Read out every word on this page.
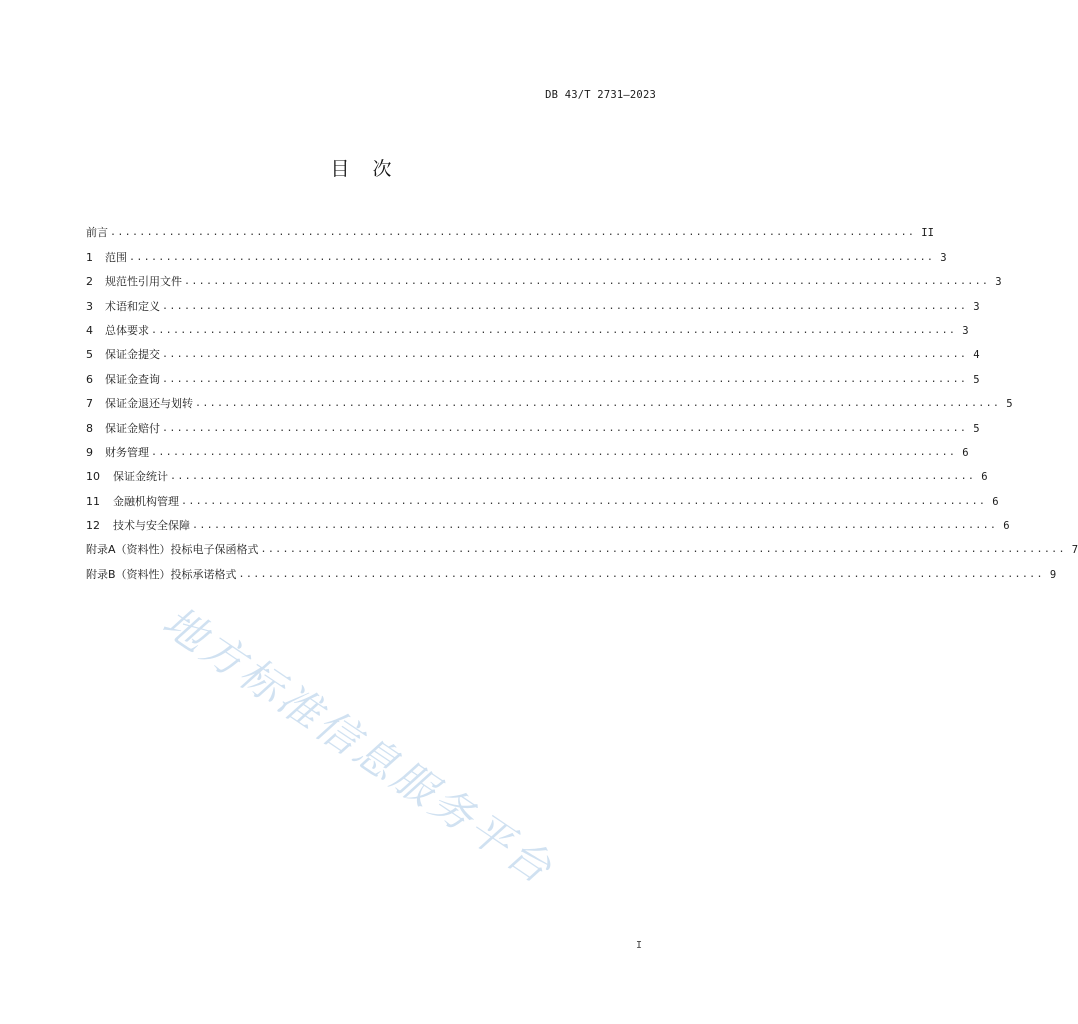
DB 43/T 2731—2023
目　次
前言 .............................................................................................................. II
1	范围 .............................................................................................................. 3
2	规范性引用文件 .............................................................................................................. 3
3	术语和定义 .............................................................................................................. 3
4	总体要求 .............................................................................................................. 3
5	保证金提交 .............................................................................................................. 4
6	保证金查询 .............................................................................................................. 5
7	保证金退还与划转 .............................................................................................................. 5
8	保证金赔付 .............................................................................................................. 5
9	财务管理 .............................................................................................................. 6
10	保证金统计 .............................................................................................................. 6
11	金融机构管理 .............................................................................................................. 6
12	技术与安全保障 .............................................................................................................. 6
附录A（资料性） 投标电子保函格式 .............................................................................................................. 7
附录B（资料性） 投标承诺格式 .............................................................................................................. 9
地方标准信息服务平台
I
